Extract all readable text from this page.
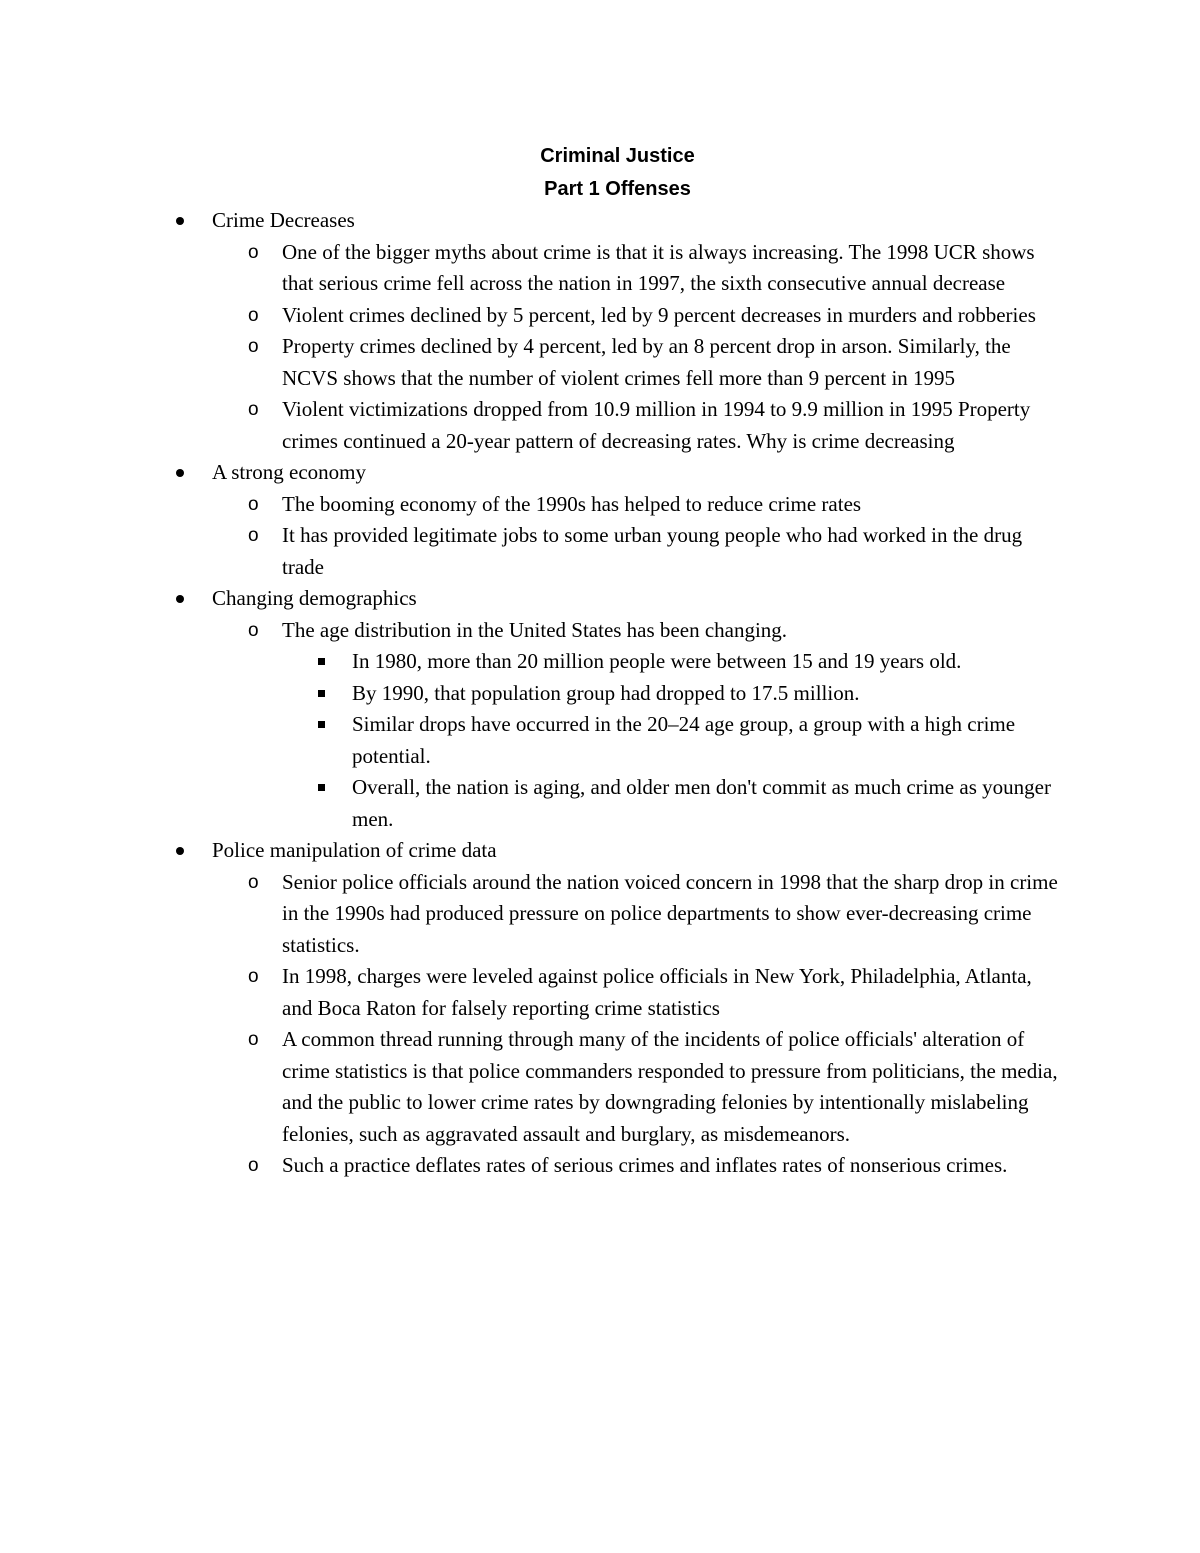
Criminal Justice
Part 1 Offenses
Crime Decreases
o One of the bigger myths about crime is that it is always increasing. The 1998 UCR shows that serious crime fell across the nation in 1997, the sixth consecutive annual decrease
o Violent crimes declined by 5 percent, led by 9 percent decreases in murders and robberies
o Property crimes declined by 4 percent, led by an 8 percent drop in arson. Similarly, the NCVS shows that the number of violent crimes fell more than 9 percent in 1995
o Violent victimizations dropped from 10.9 million in 1994 to 9.9 million in 1995 Property crimes continued a 20-year pattern of decreasing rates. Why is crime decreasing
A strong economy
o The booming economy of the 1990s has helped to reduce crime rates
o It has provided legitimate jobs to some urban young people who had worked in the drug trade
Changing demographics
o The age distribution in the United States has been changing.
In 1980, more than 20 million people were between 15 and 19 years old.
By 1990, that population group had dropped to 17.5 million.
Similar drops have occurred in the 20–24 age group, a group with a high crime potential.
Overall, the nation is aging, and older men don't commit as much crime as younger men.
Police manipulation of crime data
o Senior police officials around the nation voiced concern in 1998 that the sharp drop in crime in the 1990s had produced pressure on police departments to show ever-decreasing crime statistics.
o In 1998, charges were leveled against police officials in New York, Philadelphia, Atlanta, and Boca Raton for falsely reporting crime statistics
o A common thread running through many of the incidents of police officials' alteration of crime statistics is that police commanders responded to pressure from politicians, the media, and the public to lower crime rates by downgrading felonies by intentionally mislabeling felonies, such as aggravated assault and burglary, as misdemeanors.
o Such a practice deflates rates of serious crimes and inflates rates of nonserious crimes.
